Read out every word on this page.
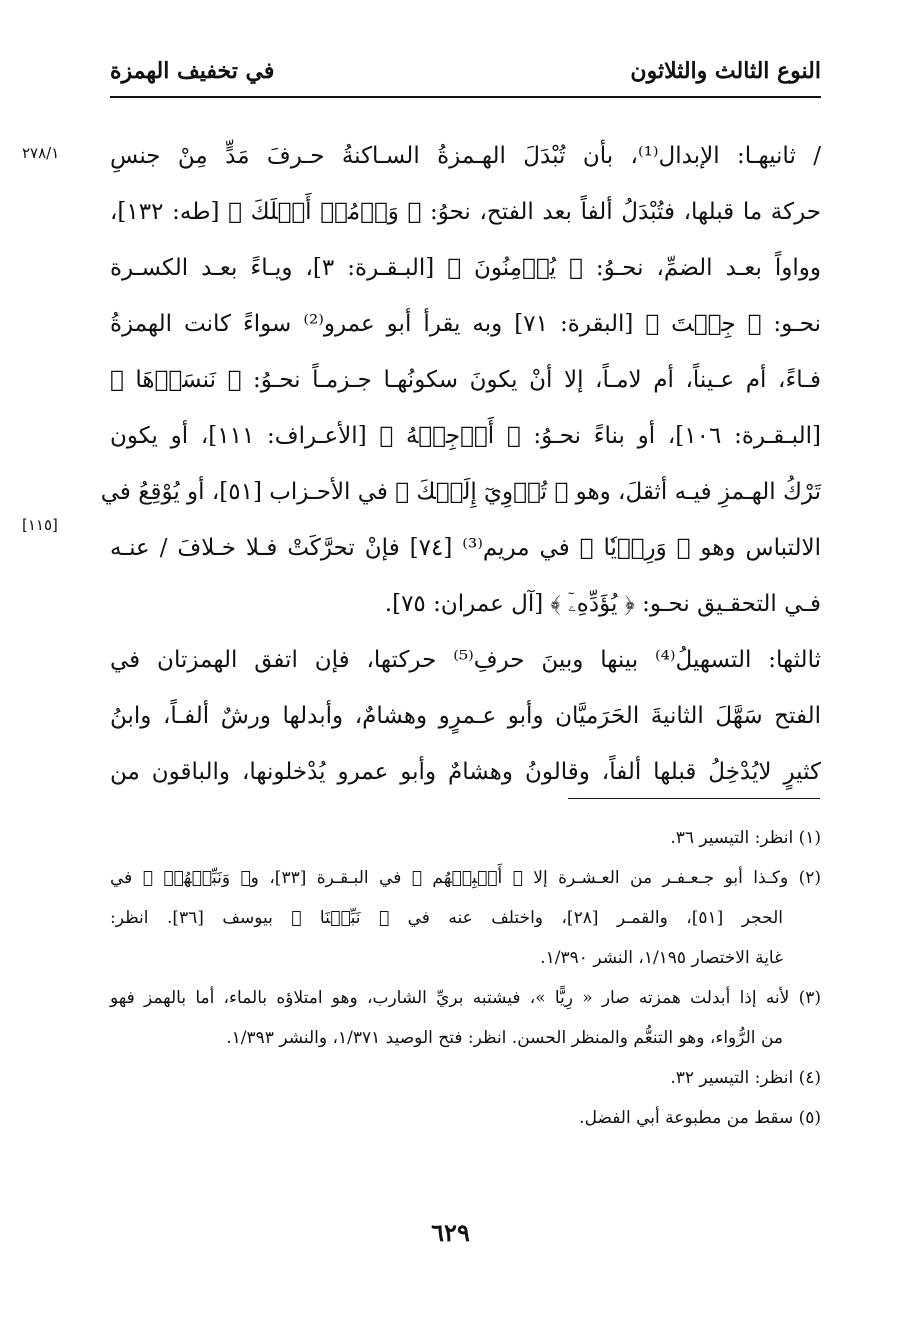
النوع الثالث والثلاثون
في تخفيف الهمزة
٢٧٨/١
[١١٥]
/ ثانيهـا: الإبدال⁽¹⁾، بأن تُبْدَلَ الهـمزةُ السـاكنةُ حـرفَ مَدٍّ مِنْ جنسِ
حركة ما قبلها، فتُبْدَلُ ألفاً بعد الفتح، نحوُ: ﴿ وَأۡمُرۡ أَهۡلَكَ ﴾ [طه: ١٣٢]،
وواواً بعـد الضمِّ، نحـوُ: ﴿ يُؤۡمِنُونَ ﴾ [البـقـرة: ٣]، ويـاءً بعـد الكسـرة
نحـو: ﴿ جِئۡتَ ﴾ [البقرة: ٧١] وبه يقرأ أبو عمرو⁽²⁾ سواءً كانت الهمزةُ
فـاءً، أم عـيناً، أم لامـاً، إلا أنْ يكونَ سكونُهـا جـزمـاً نحـوُ: ﴿ نَنسَأۡهَا ﴾
[البـقـرة: ١٠٦]، أو بناءً نحـوُ: ﴿ أَرۡجِئۡهُ ﴾ [الأعـراف: ١١١]، أو يكون
تَرْكُ الهـمزِ فيـه أثقلَ، وهو ﴿ تُؤۡوِيٓ إِلَيۡكَ ﴾ في الأحـزاب [٥١]، أو يُوْقِعُ في
الالتباس وهو ﴿ وَرِءۡيٗا ﴾ في مريم⁽³⁾ [٧٤] فإنْ تحرَّكَتْ فـلا خـلافَ / عنـه
فـي التحقـيق نحـو: ﴿ يُؤَدِّهِۦٓ ﴾ [آل عمران: ٧٥].
ثالثها: التسهيلُ⁽⁴⁾ بينها وبينَ حرفِ⁽⁵⁾ حركتها، فإن اتفق الهمزتان في
الفتح سَهَّلَ الثانيةَ الحَرَميَّان وأبو عـمرٍو وهشامٌ، وأبدلها ورشٌ ألفـاً، وابنُ
كثيرٍ لايُدْخِلُ قبلها ألفاً، وقالونُ وهشامٌ وأبو عمرو يُدْخلونها، والباقون من
(١) انظر: التيسير ٣٦.
(٢) وكـذا أبو جـعـفـر من العـشـرة إلا ﴿ أَنۢبِئۡهُم ﴾ في البـقـرة [٣٣]، و﴿ وَنَبِّئۡهُمۡ ﴾ في
الحجر [٥١]، والقمـر [٢٨]، واختلف عنه في ﴿ نَبِّئۡنَا ﴾ بيوسف [٣٦]. انظر:
غاية الاختصار ١/١٩٥، النشر ١/٣٩٠.
(٣) لأنه إذا أبدلت همزته صار « رِيًّا »، فيشتبه بريِّ الشارب، وهو امتلاؤه بالماء، أما بالهمز فهو
من الرُّواء، وهو التنعُّم والمنظر الحسن. انظر: فتح الوصيد ١/٣٧١، والنشر ١/٣٩٣.
(٤) انظر: التيسير ٣٢.
(٥) سقط من مطبوعة أبي الفضل.
٦٢٩
